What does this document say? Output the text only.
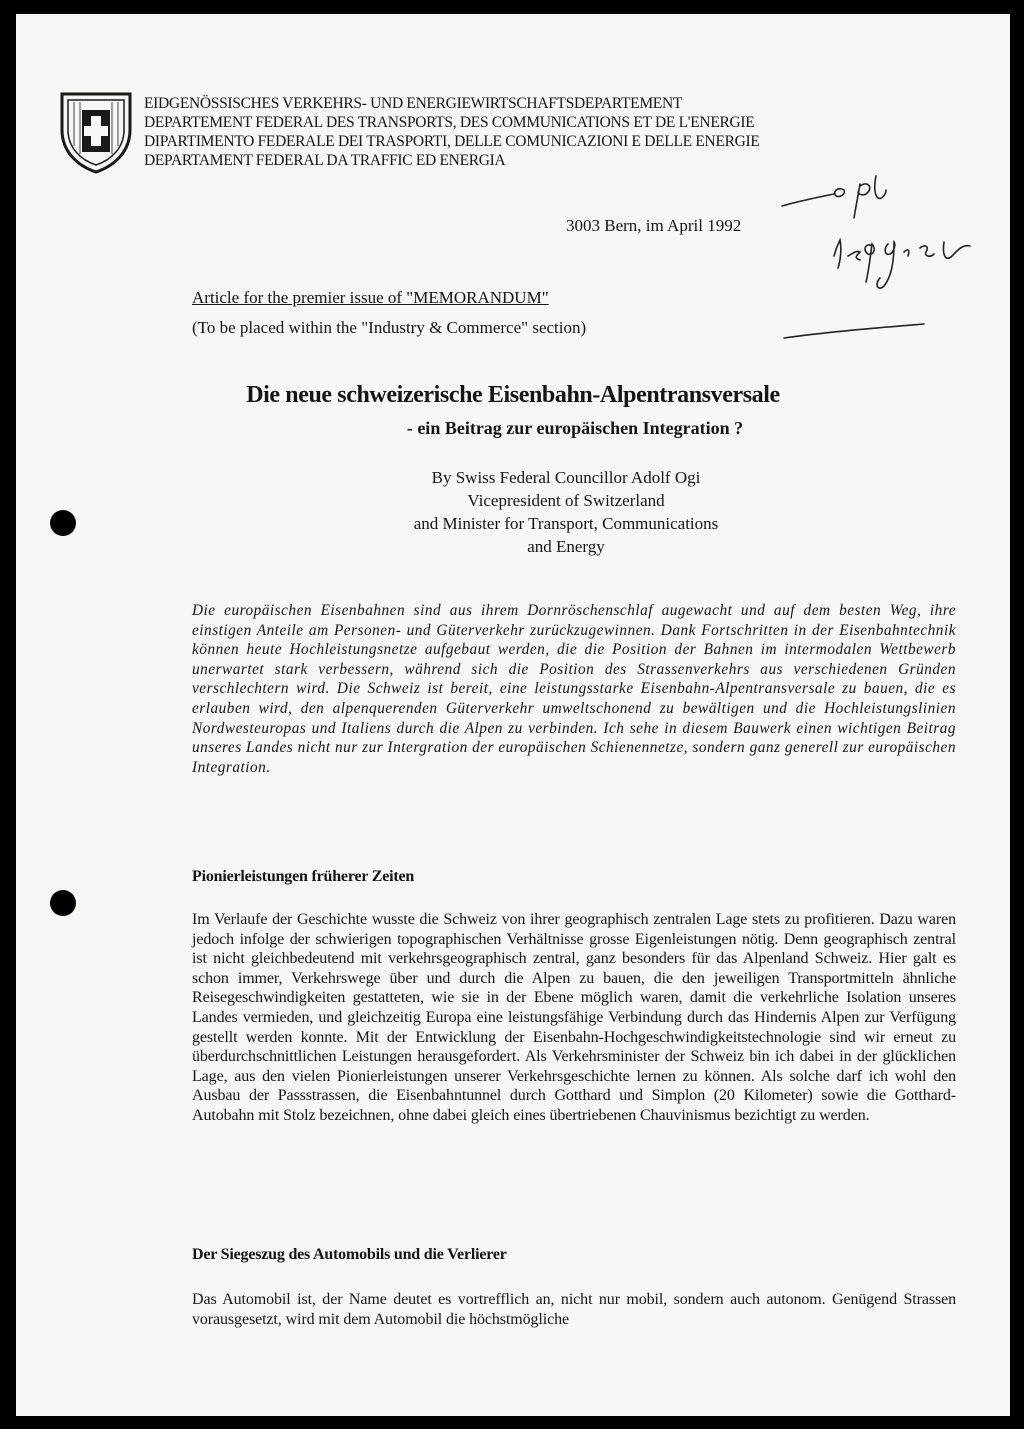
EIDGENÖSSISCHES VERKEHRS- UND ENERGIEWIRTSCHAFTSDEPARTEMENT
DEPARTEMENT FEDERAL DES TRANSPORTS, DES COMMUNICATIONS ET DE L'ENERGIE
DIPARTIMENTO FEDERALE DEI TRASPORTI, DELLE COMUNICAZIONI E DELLE ENERGIE
DEPARTAMENT FEDERAL DA TRAFFIC ED ENERGIA
3003 Bern, im April 1992
Article for the premier issue of "MEMORANDUM"
(To be placed within the "Industry & Commerce" section)
Die neue schweizerische Eisenbahn-Alpentransversale
- ein Beitrag zur europäischen Integration ?
By Swiss Federal Councillor Adolf Ogi
Vicepresident of Switzerland
and Minister for Transport, Communications
and Energy
Die europäischen Eisenbahnen sind aus ihrem Dornröschenschlaf augewacht und auf dem besten Weg, ihre einstigen Anteile am Personen- und Güterverkehr zurückzugewinnen. Dank Fortschritten in der Eisenbahntechnik können heute Hochleistungsnetze aufgebaut werden, die die Position der Bahnen im intermodalen Wettbewerb unerwartet stark verbessern, während sich die Position des Strassenverkehrs aus verschiedenen Gründen verschlechtern wird. Die Schweiz ist bereit, eine leistungsstarke Eisenbahn-Alpentransversale zu bauen, die es erlauben wird, den alpenquerenden Güterverkehr umweltschonend zu bewältigen und die Hochleistungslinien Nordwesteuropas und Italiens durch die Alpen zu verbinden. Ich sehe in diesem Bauwerk einen wichtigen Beitrag unseres Landes nicht nur zur Intergration der europäischen Schienennetze, sondern ganz generell zur europäischen Integration.
Pionierleistungen früherer Zeiten
Im Verlaufe der Geschichte wusste die Schweiz von ihrer geographisch zentralen Lage stets zu profitieren. Dazu waren jedoch infolge der schwierigen topographischen Verhältnisse grosse Eigenleistungen nötig. Denn geographisch zentral ist nicht gleichbedeutend mit verkehrsgeographisch zentral, ganz besonders für das Alpenland Schweiz. Hier galt es schon immer, Verkehrswege über und durch die Alpen zu bauen, die den jeweiligen Transportmitteln ähnliche Reisegeschwindigkeiten gestatteten, wie sie in der Ebene möglich waren, damit die verkehrliche Isolation unseres Landes vermieden, und gleichzeitig Europa eine leistungsfähige Verbindung durch das Hindernis Alpen zur Verfügung gestellt werden konnte. Mit der Entwicklung der Eisenbahn-Hochgeschwindigkeitstechnologie sind wir erneut zu überdurchschnittlichen Leistungen herausgefordert. Als Verkehrsminister der Schweiz bin ich dabei in der glücklichen Lage, aus den vielen Pionierleistungen unserer Verkehrsgeschichte lernen zu können. Als solche darf ich wohl den Ausbau der Passstrassen, die Eisenbahntunnel durch Gotthard und Simplon (20 Kilometer) sowie die Gotthard-Autobahn mit Stolz bezeichnen, ohne dabei gleich eines übertriebenen Chauvinismus bezichtigt zu werden.
Der Siegeszug des Automobils und die Verlierer
Das Automobil ist, der Name deutet es vortrefflich an, nicht nur mobil, sondern auch autonom. Genügend Strassen vorausgesetzt, wird mit dem Automobil die höchstmögliche
